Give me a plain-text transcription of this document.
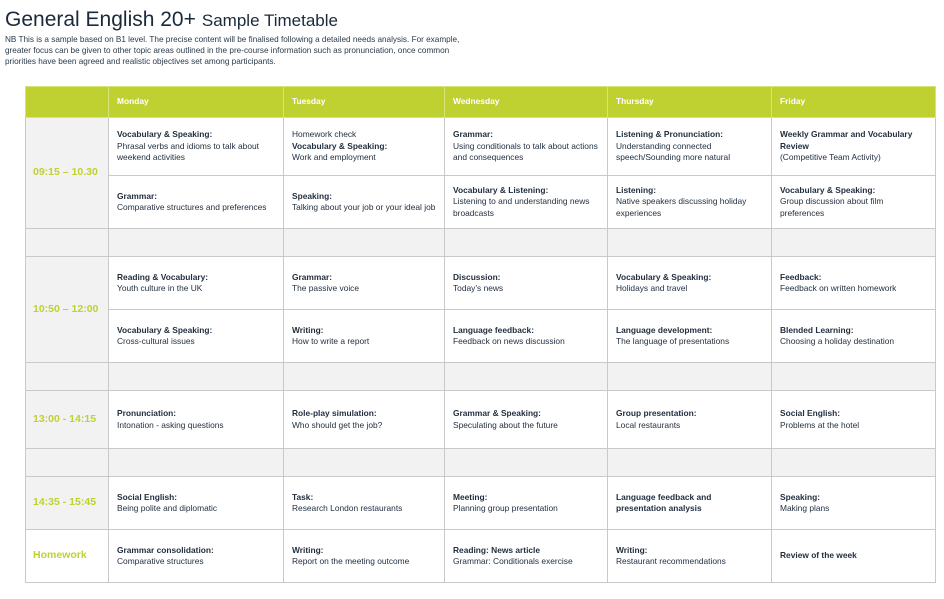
General English 20+ Sample Timetable
NB This is a sample based on B1 level. The precise content will be finalised following a detailed needs analysis. For example, greater focus can be given to other topic areas outlined in the pre-course information such as pronunciation, once common priorities have been agreed and realistic objectives set among participants.
	Monday	Tuesday	Wednesday	Thursday	Friday
09:15 – 10.30	Vocabulary & Speaking:
Phrasal verbs and idioms to talk about weekend activities	Homework check
Vocabulary & Speaking:
Work and employment	Grammar:
Using conditionals to talk about actions and consequences	Listening & Pronunciation:
Understanding connected speech/Sounding more natural	Weekly Grammar and Vocabulary Review
(Competitive Team Activity)

	Grammar:
Comparative structures and preferences	Speaking:
Talking about your job or your ideal job	Vocabulary & Listening:
Listening to and understanding news broadcasts	Listening:
Native speakers discussing holiday experiences	Vocabulary & Speaking:
Group discussion about film preferences

10:50 – 12:00	Reading & Vocabulary:
Youth culture in the UK	Grammar:
The passive voice	Discussion:
Today’s news	Vocabulary & Speaking:
Holidays and travel	Feedback:
Feedback on written homework

	Vocabulary & Speaking:
Cross-cultural issues	Writing:
How to write a report	Language feedback:
Feedback on news discussion	Language development:
The language of presentations	Blended Learning:
Choosing a holiday destination

13:00 - 14:15	Pronunciation:
Intonation - asking questions	Role-play simulation:
Who should get the job?	Grammar & Speaking:
Speculating about the future	Group presentation:
Local restaurants	Social English:
Problems at the hotel

14:35 - 15:45	Social English:
Being polite and diplomatic	Task:
Research London restaurants	Meeting:
Planning group presentation	Language feedback and presentation analysis	Speaking:
Making plans

Homework	Grammar consolidation:
Comparative structures	Writing:
Report on the meeting outcome	Reading: News article
Grammar: Conditionals exercise	Writing:
Restaurant recommendations	Review of the week
